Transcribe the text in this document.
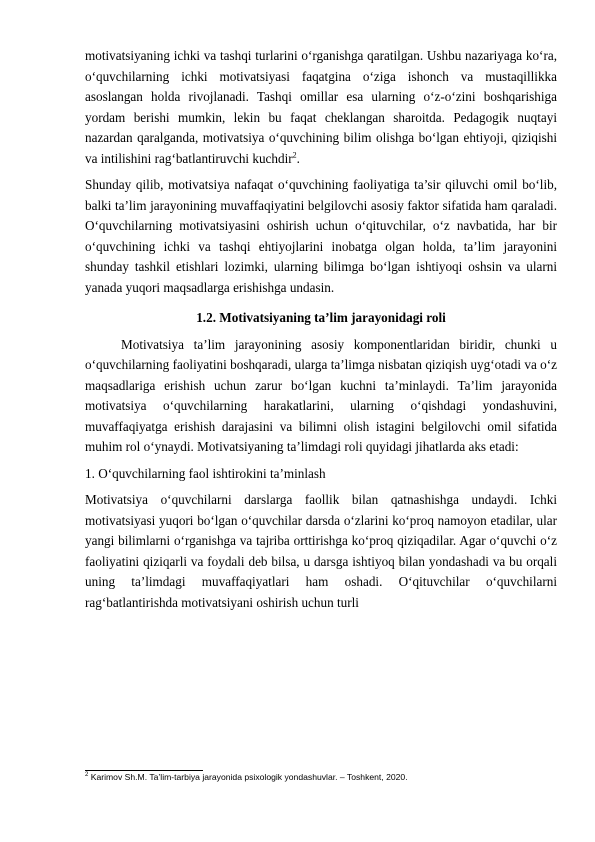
motivatsiyaning ichki va tashqi turlarini o‘rganishga qaratilgan. Ushbu nazariyaga ko‘ra, o‘quvchilarning ichki motivatsiyasi faqatgina o‘ziga ishonch va mustaqillikka asoslangan holda rivojlanadi. Tashqi omillar esa ularning o‘z-o‘zini boshqarishiga yordam berishi mumkin, lekin bu faqat cheklangan sharoitda. Pedagogik nuqtayi nazardan qaralganda, motivatsiya o‘quvchining bilim olishga bo‘lgan ehtiyoji, qiziqishi va intilishini rag‘batlantiruvchi kuchdir$^2$.

Shunday qilib, motivatsiya nafaqat o‘quvchining faoliyatiga ta’sir qiluvchi omil bo‘lib, balki ta’lim jarayonining muvaffaqiyatini belgilovchi asosiy faktor sifatida ham qaraladi. O‘quvchilarning motivatsiyasini oshirish uchun o‘qituvchilar, o‘z navbatida, har bir o‘quvchining ichki va tashqi ehtiyojlarini inobatga olgan holda, ta’lim jarayonini shunday tashkil etishlari lozimki, ularning bilimga bo‘lgan ishtiyoqi oshsin va ularni yanada yuqori maqsadlarga erishishga undasin.

1.2. Motivatsiyaning ta’lim jarayonidagi roli

Motivatsiya ta’lim jarayonining asosiy komponentlaridan biridir, chunki u o‘quvchilarning faoliyatini boshqaradi, ularga ta’limga nisbatan qiziqish uyg‘otadi va o‘z maqsadlariga erishish uchun zarur bo‘lgan kuchni ta’minlaydi. Ta’lim jarayonida motivatsiya o‘quvchilarning harakatlarini, ularning o‘qishdagi yondashuvini, muvaffaqiyatga erishish darajasini va bilimni olish istagini belgilovchi omil sifatida muhim rol o‘ynaydi. Motivatsiyaning ta’limdagi roli quyidagi jihatlarda aks etadi:

1. O‘quvchilarning faol ishtirokini ta’minlash

Motivatsiya o‘quvchilarni darslarga faollik bilan qatnashishga undaydi. Ichki motivatsiyasi yuqori bo‘lgan o‘quvchilar darsda o‘zlarini ko‘proq namoyon etadilar, ular yangi bilimlarni o‘rganishga va tajriba orttirishga ko‘proq qiziqadilar. Agar o‘quvchi o‘z faoliyatini qiziqarli va foydali deb bilsa, u darsga ishtiyoq bilan yondashadi va bu orqali uning ta’limdagi muvaffaqiyatlari ham oshadi. O‘qituvchilar o‘quvchilarni rag‘batlantirishda motivatsiyani oshirish uchun turli

$^2$ Karimov Sh.M. Ta’lim-tarbiya jarayonida psixologik yondashuvlar. – Toshkent, 2020.
